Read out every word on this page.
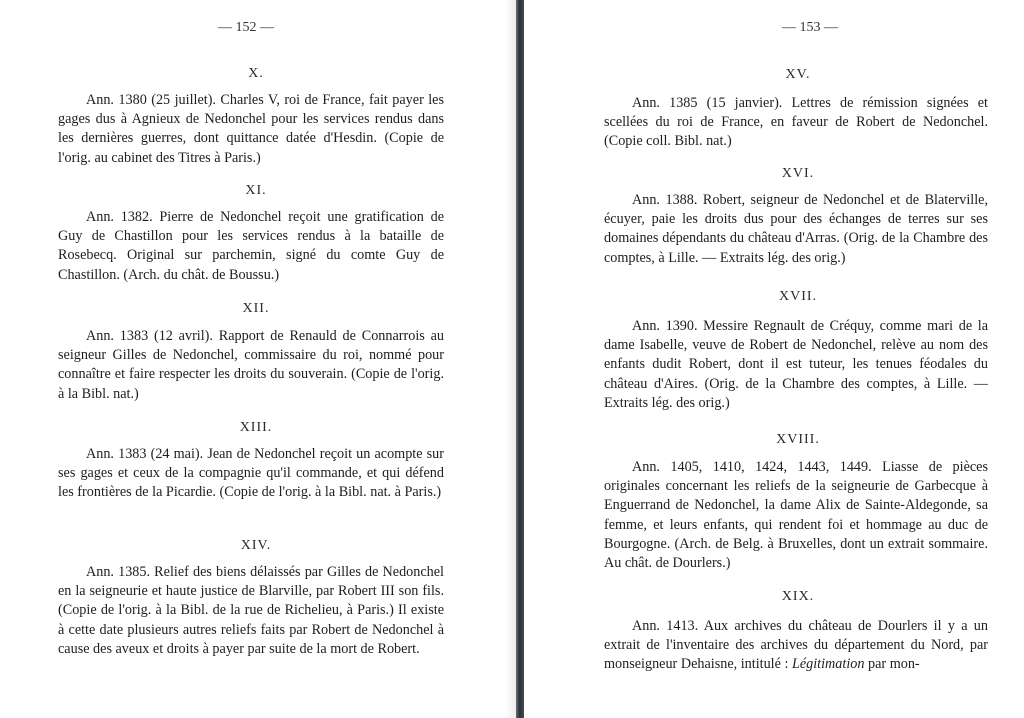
— 152 —
X.

Ann. 1380 (25 juillet). Charles V, roi de France, fait payer les gages dus à Agnieux de Nedonchel pour les services rendus dans les dernières guerres, dont quittance datée d'Hesdin. (Copie de l'orig. au cabinet des Titres à Paris.)

XI.

Ann. 1382. Pierre de Nedonchel reçoit une gratification de Guy de Chastillon pour les services rendus à la bataille de Rosebecq. Original sur parchemin, signé du comte Guy de Chastillon. (Arch. du chât. de Boussu.)

XII.

Ann. 1383 (12 avril). Rapport de Renauld de Connarrois au seigneur Gilles de Nedonchel, commissaire du roi, nommé pour connaître et faire respecter les droits du souverain. (Copie de l'orig. à la Bibl. nat.)

XIII.

Ann. 1383 (24 mai). Jean de Nedonchel reçoit un acompte sur ses gages et ceux de la compagnie qu'il commande, et qui défend les frontières de la Picardie. (Copie de l'orig. à la Bibl. nat. à Paris.)

XIV.

Ann. 1385. Relief des biens délaissés par Gilles de Nedonchel en la seigneurie et haute justice de Blarville, par Robert III son fils. (Copie de l'orig. à la Bibl. de la rue de Richelieu, à Paris.) Il existe à cette date plusieurs autres reliefs faits par Robert de Nedonchel à cause des aveux et droits à payer par suite de la mort de Robert.

— 153 —
XV.

Ann. 1385 (15 janvier). Lettres de rémission signées et scellées du roi de France, en faveur de Robert de Nedonchel. (Copie coll. Bibl. nat.)

XVI.

Ann. 1388. Robert, seigneur de Nedonchel et de Blaterville, écuyer, paie les droits dus pour des échanges de terres sur ses domaines dépendants du château d'Arras. (Orig. de la Chambre des comptes, à Lille. — Extraits lég. des orig.)

XVII.

Ann. 1390. Messire Regnault de Créquy, comme mari de la dame Isabelle, veuve de Robert de Nedonchel, relève au nom des enfants dudit Robert, dont il est tuteur, les tenues féodales du château d'Aires. (Orig. de la Chambre des comptes, à Lille. — Extraits lég. des orig.)

XVIII.

Ann. 1405, 1410, 1424, 1443, 1449. Liasse de pièces originales concernant les reliefs de la seigneurie de Garbecque à Enguerrand de Nedonchel, la dame Alix de Sainte-Aldegonde, sa femme, et leurs enfants, qui rendent foi et hommage au duc de Bourgogne. (Arch. de Belg. à Bruxelles, dont un extrait sommaire. Au chât. de Dourlers.)

XIX.

Ann. 1413. Aux archives du château de Dourlers il y a un extrait de l'inventaire des archives du département du Nord, par monseigneur Dehaisne, intitulé : Légitimation par mon-
